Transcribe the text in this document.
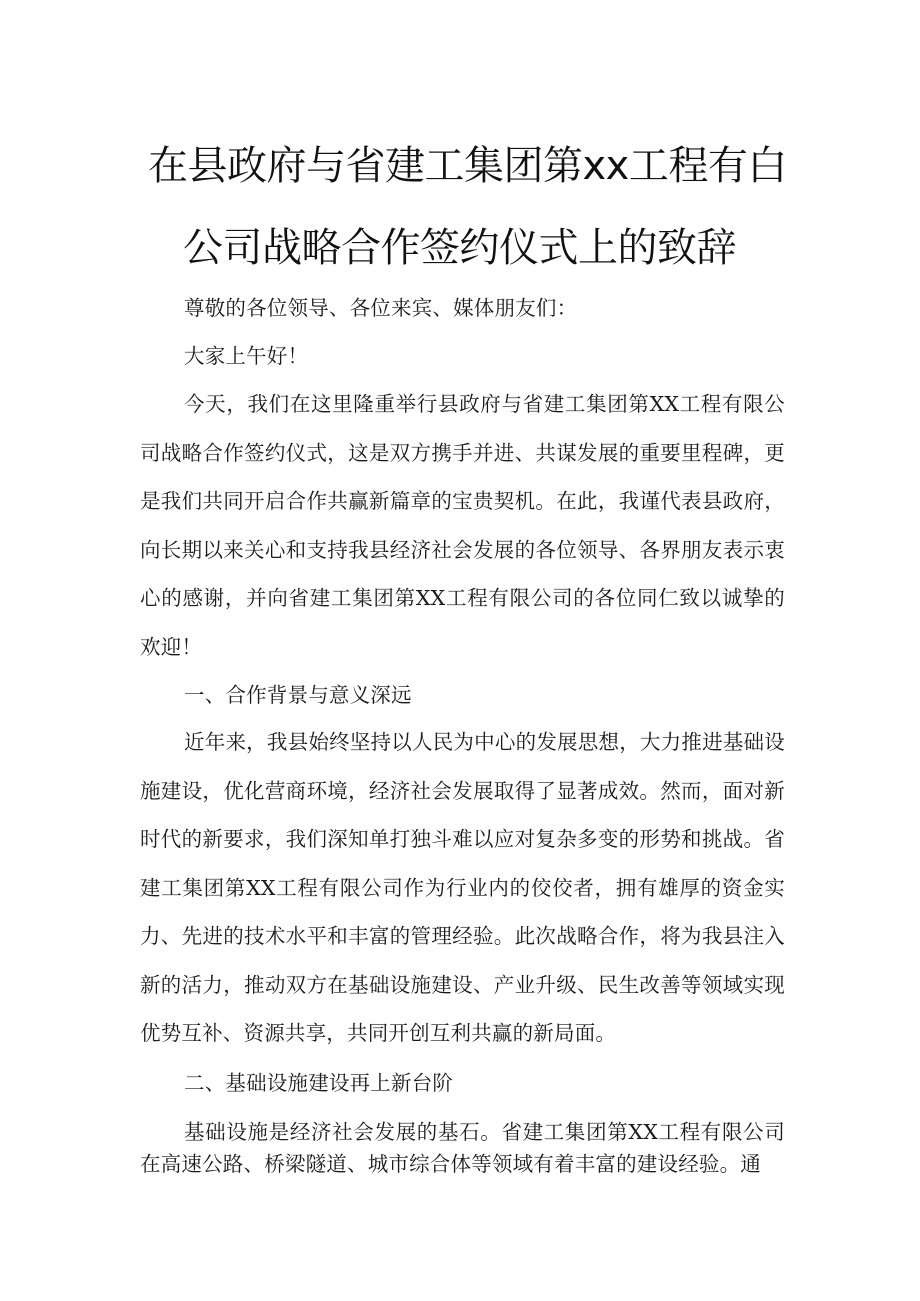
在县政府与省建工集团第xx工程有白
公司战略合作签约仪式上的致辞
尊敬的各位领导、各位来宾、媒体朋友们：
大家上午好！
今天，我们在这里隆重举行县政府与省建工集团第XX工程有限公司战略合作签约仪式，这是双方携手并进、共谋发展的重要里程碑，更是我们共同开启合作共赢新篇章的宝贵契机。在此，我谨代表县政府，向长期以来关心和支持我县经济社会发展的各位领导、各界朋友表示衷心的感谢，并向省建工集团第XX工程有限公司的各位同仁致以诚挚的欢迎！
一、合作背景与意义深远
近年来，我县始终坚持以人民为中心的发展思想，大力推进基础设施建设，优化营商环境，经济社会发展取得了显著成效。然而，面对新时代的新要求，我们深知单打独斗难以应对复杂多变的形势和挑战。省建工集团第XX工程有限公司作为行业内的佼佼者，拥有雄厚的资金实力、先进的技术水平和丰富的管理经验。此次战略合作，将为我县注入新的活力，推动双方在基础设施建设、产业升级、民生改善等领域实现优势互补、资源共享，共同开创互利共赢的新局面。
二、基础设施建设再上新台阶
基础设施是经济社会发展的基石。省建工集团第XX工程有限公司在高速公路、桥梁隧道、城市综合体等领域有着丰富的建设经验。通
